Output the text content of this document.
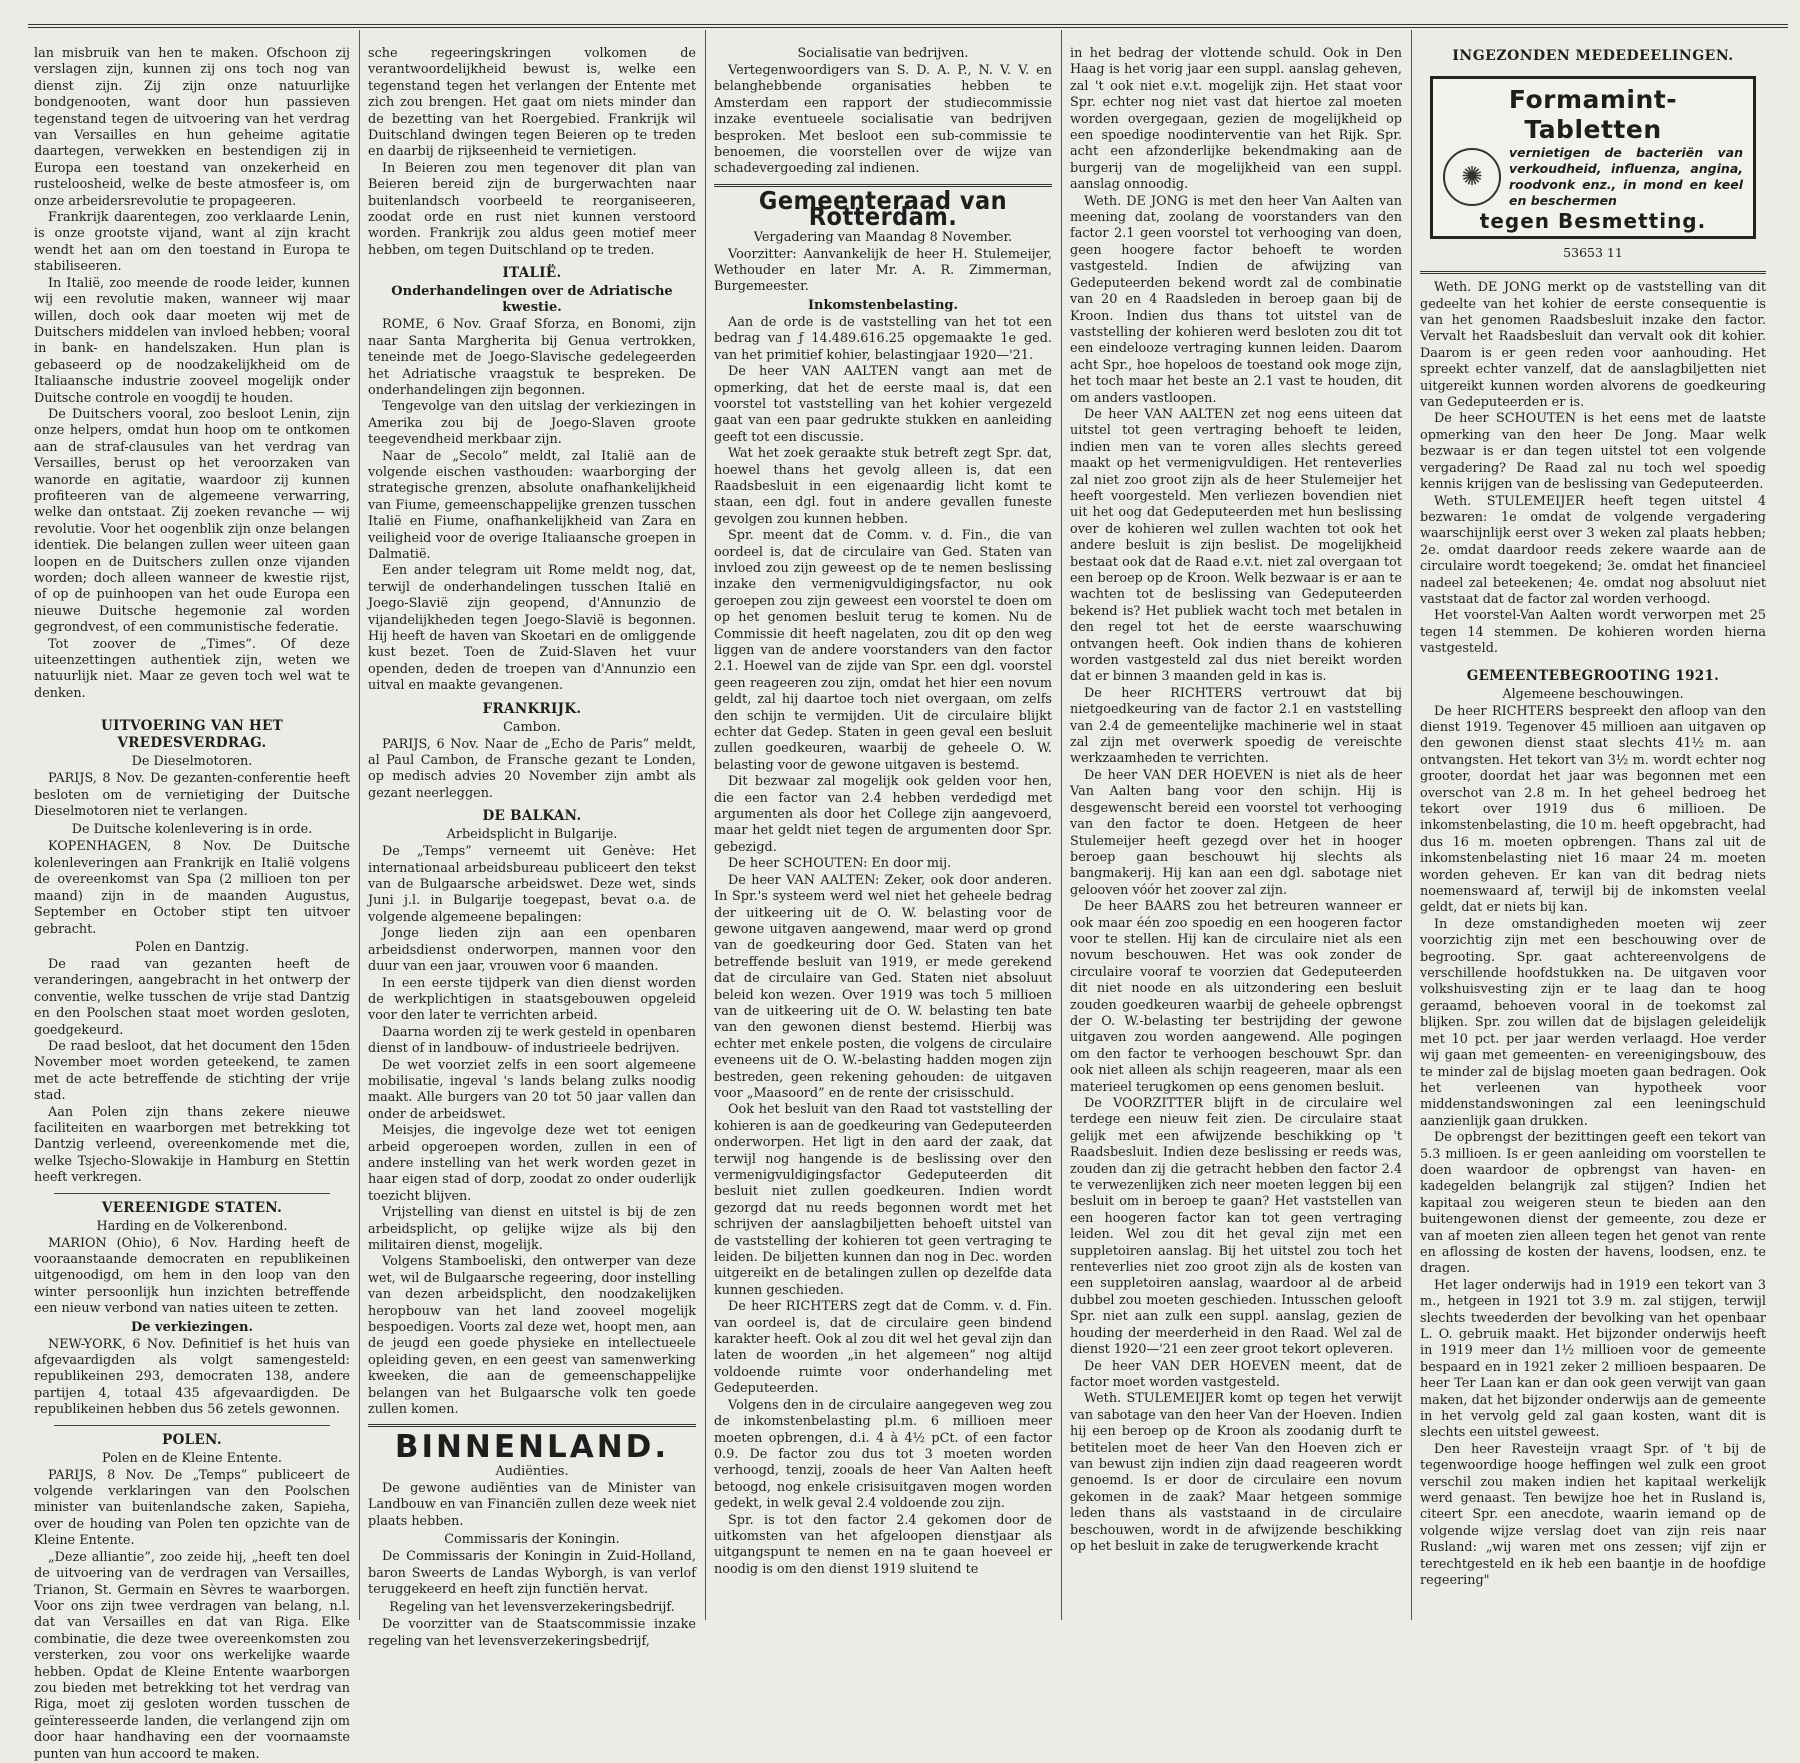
lan misbruik van hen te maken. Ofschoon zij verslagen zijn, kunnen zij ons toch nog van dienst zijn. Zij zijn onze natuurlijke bondgenooten, want door hun passieven tegenstand tegen de uitvoering van het verdrag van Versailles en hun geheime agitatie daartegen, verwekken en bestendigen zij in Europa een toestand van onzekerheid en rusteloosheid, welke de beste atmosfeer is, om onze arbeidersrevolutie te propageeren.

Frankrijk daarentegen, zoo verklaarde Lenin, is onze grootste vijand, want al zijn kracht wendt het aan om den toestand in Europa te stabiliseeren.

In Italië, zoo meende de roode leider, kunnen wij een revolutie maken, wanneer wij maar willen, doch ook daar moeten wij met de Duitschers middelen van invloed hebben; vooral in bank- en handelszaken. Hun plan is gebaseerd op de noodzakelijkheid om de Italiaansche industrie zooveel mogelijk onder Duitsche controle en voogdij te houden.

De Duitschers vooral, zoo besloot Lenin, zijn onze helpers, omdat hun hoop om te ontkomen aan de straf-clausules van het verdrag van Versailles, berust op het veroorzaken van wanorde en agitatie, waardoor zij kunnen profiteeren van de algemeene verwarring, welke dan ontstaat. Zij zoeken revanche — wij revolutie. Voor het oogenblik zijn onze belangen identiek. Die belangen zullen weer uiteen gaan loopen en de Duitschers zullen onze vijanden worden; doch alleen wanneer de kwestie rijst, of op de puinhoopen van het oude Europa een nieuwe Duitsche hegemonie zal worden gegrondvest, of een communistische federatie.

Tot zoover de „Times”. Of deze uiteenzettingen authentiek zijn, weten we natuurlijk niet. Maar ze geven toch wel wat te denken.

UITVOERING VAN HET VREDESVERDRAG.
De Dieselmotoren.

PARIJS, 8 Nov. De gezanten-conferentie heeft besloten om de vernietiging der Duitsche Dieselmotoren niet te verlangen.

De Duitsche kolenlevering is in orde.

KOPENHAGEN, 8 Nov. De Duitsche kolenleveringen aan Frankrijk en Italië volgens de overeenkomst van Spa (2 millioen ton per maand) zijn in de maanden Augustus, September en October stipt ten uitvoer gebracht.

Polen en Dantzig.

De raad van gezanten heeft de veranderingen, aangebracht in het ontwerp der conventie, welke tusschen de vrije stad Dantzig en den Poolschen staat moet worden gesloten, goedgekeurd.

De raad besloot, dat het document den 15den November moet worden geteekend, te zamen met de acte betreffende de stichting der vrije stad.

Aan Polen zijn thans zekere nieuwe faciliteiten en waarborgen met betrekking tot Dantzig verleend, overeenkomende met die, welke Tsjecho-Slowakije in Hamburg en Stettin heeft verkregen.

VEREENIGDE STATEN.
Harding en de Volkerenbond.

MARION (Ohio), 6 Nov. Harding heeft de vooraanstaande democraten en republikeinen uitgenoodigd, om hem in den loop van den winter persoonlijk hun inzichten betreffende een nieuw verbond van naties uiteen te zetten.

De verkiezingen.

NEW-YORK, 6 Nov. Definitief is het huis van afgevaardigden als volgt samengesteld: republikeinen 293, democraten 138, andere partijen 4, totaal 435 afgevaardigden. De republikeinen hebben dus 56 zetels gewonnen.

POLEN.
Polen en de Kleine Entente.

PARIJS, 8 Nov. De „Temps” publiceert de volgende verklaringen van den Poolschen minister van buitenlandsche zaken, Sapieha, over de houding van Polen ten opzichte van de Kleine Entente.

„Deze alliantie”, zoo zeide hij, „heeft ten doel de uitvoering van de verdragen van Versailles, Trianon, St. Germain en Sèvres te waarborgen. Voor ons zijn twee verdragen van belang, n.l. dat van Versailles en dat van Riga. Elke combinatie, die deze twee overeenkomsten zou versterken, zou voor ons werkelijke waarde hebben. Opdat de Kleine Entente waarborgen zou bieden met betrekking tot het verdrag van Riga, moet zij gesloten worden tusschen de geïnteresseerde landen, die verlangend zijn om door haar handhaving een der voornaamste punten van hun accoord te maken.

sche regeeringskringen volkomen de verantwoordelijkheid bewust is, welke een tegenstand tegen het verlangen der Entente met zich zou brengen. Het gaat om niets minder dan de bezetting van het Roergebied. Frankrijk wil Duitschland dwingen tegen Beieren op te treden en daarbij de rijkseenheid te vernietigen.

In Beieren zou men tegenover dit plan van Beieren bereid zijn de burgerwachten naar buitenlandsch voorbeeld te reorganiseeren, zoodat orde en rust niet kunnen verstoord worden. Frankrijk zou aldus geen motief meer hebben, om tegen Duitschland op te treden.

ITALIË.
Onderhandelingen over de Adriatische kwestie.

ROME, 6 Nov. Graaf Sforza, en Bonomi, zijn naar Santa Margherita bij Genua vertrokken, teneinde met de Joego-Slavische gedelegeerden het Adriatische vraagstuk te bespreken. De onderhandelingen zijn begonnen.

Tengevolge van den uitslag der verkiezingen in Amerika zou bij de Joego-Slaven groote teegevendheid merkbaar zijn.

Naar de „Secolo” meldt, zal Italië aan de volgende eischen vasthouden: waarborging der strategische grenzen, absolute onafhankelijkheid van Fiume, gemeenschappelijke grenzen tusschen Italië en Fiume, onafhankelijkheid van Zara en veiligheid voor de overige Italiaansche groepen in Dalmatië.

Een ander telegram uit Rome meldt nog, dat, terwijl de onderhandelingen tusschen Italië en Joego-Slavië zijn geopend, d'Annunzio de vijandelijkheden tegen Joego-Slavië is begonnen. Hij heeft de haven van Skoetari en de omliggende kust bezet. Toen de Zuid-Slaven het vuur openden, deden de troepen van d'Annunzio een uitval en maakte gevangenen.

FRANKRIJK.
Cambon.

PARIJS, 6 Nov. Naar de „Echo de Paris” meldt, al Paul Cambon, de Fransche gezant te Londen, op medisch advies 20 November zijn ambt als gezant neerleggen.

DE BALKAN.
Arbeidsplicht in Bulgarije.

De „Temps” verneemt uit Genève: Het internationaal arbeidsbureau publiceert den tekst van de Bulgaarsche arbeidswet. Deze wet, sinds Juni j.l. in Bulgarije toegepast, bevat o.a. de volgende algemeene bepalingen:

Jonge lieden zijn aan een openbaren arbeidsdienst onderworpen, mannen voor den duur van een jaar, vrouwen voor 6 maanden.

In een eerste tijdperk van dien dienst worden de werkplichtigen in staatsgebouwen opgeleid voor den later te verrichten arbeid.

Daarna worden zij te werk gesteld in openbaren dienst of in landbouw- of industrieele bedrijven.

De wet voorziet zelfs in een soort algemeene mobilisatie, ingeval 's lands belang zulks noodig maakt. Alle burgers van 20 tot 50 jaar vallen dan onder de arbeidswet.

Meisjes, die ingevolge deze wet tot eenigen arbeid opgeroepen worden, zullen in een of andere instelling van het werk worden gezet in haar eigen stad of dorp, zoodat zo onder ouderlijk toezicht blijven.

Vrijstelling van dienst en uitstel is bij de zen arbeidsplicht, op gelijke wijze als bij den militairen dienst, mogelijk.

Volgens Stamboeliski, den ontwerper van deze wet, wil de Bulgaarsche regeering, door instelling van dezen arbeidsplicht, den noodzakelijken heropbouw van het land zooveel mogelijk bespoedigen. Voorts zal deze wet, hoopt men, aan de jeugd een goede physieke en intellectueele opleiding geven, en een geest van samenwerking kweeken, die aan de gemeenschappelijke belangen van het Bulgaarsche volk ten goede zullen komen.

BINNENLAND.
Audiënties.

De gewone audiënties van de Minister van Landbouw en van Financiën zullen deze week niet plaats hebben.

Commissaris der Koningin.

De Commissaris der Koningin in Zuid-Holland, baron Sweerts de Landas Wyborgh, is van verlof teruggekeerd en heeft zijn functiën hervat.

Regeling van het levensverzekeringsbedrijf.

De voorzitter van de Staatscommissie inzake regeling van het levensverzekeringsbedrijf,

Socialisatie van bedrijven.

Vertegenwoordigers van S. D. A. P., N. V. V. en belanghebbende organisaties hebben te Amsterdam een rapport der studiecommissie inzake eventueele socialisatie van bedrijven besproken. Met besloot een sub-commissie te benoemen, die voorstellen over de wijze van schadevergoeding zal indienen.

Gemeenteraad van Rotterdam.
Vergadering van Maandag 8 November.

Voorzitter: Aanvankelijk de heer H. Stulemeijer, Wethouder en later Mr. A. R. Zimmerman, Burgemeester.

Inkomstenbelasting.

Aan de orde is de vaststelling van het tot een bedrag van ƒ 14.489.616.25 opgemaakte 1e ged. van het primitief kohier, belastingjaar 1920—'21.

De heer VAN AALTEN vangt aan met de opmerking, dat het de eerste maal is, dat een voorstel tot vaststelling van het kohier vergezeld gaat van een paar gedrukte stukken en aanleiding geeft tot een discussie.

Wat het zoek geraakte stuk betreft zegt Spr. dat, hoewel thans het gevolg alleen is, dat een Raadsbesluit in een eigenaardig licht komt te staan, een dgl. fout in andere gevallen funeste gevolgen zou kunnen hebben.

Spr. meent dat de Comm. v. d. Fin., die van oordeel is, dat de circulaire van Ged. Staten van invloed zou zijn geweest op de te nemen beslissing inzake den vermenigvuldigingsfactor, nu ook geroepen zou zijn geweest een voorstel te doen om op het genomen besluit terug te komen. Nu de Commissie dit heeft nagelaten, zou dit op den weg liggen van de andere voorstanders van den factor 2.1. Hoewel van de zijde van Spr. een dgl. voorstel geen reageeren zou zijn, omdat het hier een novum geldt, zal hij daartoe toch niet overgaan, om zelfs den schijn te vermijden. Uit de circulaire blijkt echter dat Gedep. Staten in geen geval een besluit zullen goedkeuren, waarbij de geheele O. W. belasting voor de gewone uitgaven is bestemd.

Dit bezwaar zal mogelijk ook gelden voor hen, die een factor van 2.4 hebben verdedigd met argumenten als door het College zijn aangevoerd, maar het geldt niet tegen de argumenten door Spr. gebezigd.

De heer SCHOUTEN: En door mij.

De heer VAN AALTEN: Zeker, ook door anderen. In Spr.'s systeem werd wel niet het geheele bedrag der uitkeering uit de O. W. belasting voor de gewone uitgaven aangewend, maar werd op grond van de goedkeuring door Ged. Staten van het betreffende besluit van 1919, er mede gerekend dat de circulaire van Ged. Staten niet absoluut beleid kon wezen. Over 1919 was toch 5 millioen van de uitkeering uit de O. W. belasting ten bate van den gewonen dienst bestemd. Hierbij was echter met enkele posten, die volgens de circulaire eveneens uit de O. W.-belasting hadden mogen zijn bestreden, geen rekening gehouden: de uitgaven voor „Maasoord” en de rente der crisisschuld.

Ook het besluit van den Raad tot vaststelling der kohieren is aan de goedkeuring van Gedeputeerden onderworpen. Het ligt in den aard der zaak, dat terwijl nog hangende is de beslissing over den vermenigvuldigingsfactor Gedeputeerden dit besluit niet zullen goedkeuren. Indien wordt gezorgd dat nu reeds begonnen wordt met het schrijven der aanslagbiljetten behoeft uitstel van de vaststelling der kohieren tot geen vertraging te leiden. De biljetten kunnen dan nog in Dec. worden uitgereikt en de betalingen zullen op dezelfde data kunnen geschieden.

De heer RICHTERS zegt dat de Comm. v. d. Fin. van oordeel is, dat de circulaire geen bindend karakter heeft. Ook al zou dit wel het geval zijn dan laten de woorden „in het algemeen” nog altijd voldoende ruimte voor onderhandeling met Gedeputeerden.

Volgens den in de circulaire aangegeven weg zou de inkomstenbelasting pl.m. 6 millioen meer moeten opbrengen, d.i. 4 à 4½ pCt. of een factor 0.9. De factor zou dus tot 3 moeten worden verhoogd, tenzij, zooals de heer Van Aalten heeft betoogd, nog enkele crisisuitgaven mogen worden gedekt, in welk geval 2.4 voldoende zou zijn.

Spr. is tot den factor 2.4 gekomen door de uitkomsten van het afgeloopen dienstjaar als uitgangspunt te nemen en na te gaan hoeveel er noodig is om den dienst 1919 sluitend te

in het bedrag der vlottende schuld. Ook in Den Haag is het vorig jaar een suppl. aanslag geheven, zal 't ook niet e.v.t. mogelijk zijn. Het staat voor Spr. echter nog niet vast dat hiertoe zal moeten worden overgegaan, gezien de mogelijkheid op een spoedige noodinterventie van het Rijk. Spr. acht een afzonderlijke bekendmaking aan de burgerij van de mogelijkheid van een suppl. aanslag onnoodig.

Weth. DE JONG is met den heer Van Aalten van meening dat, zoolang de voorstanders van den factor 2.1 geen voorstel tot verhooging van doen, geen hoogere factor behoeft te worden vastgesteld. Indien de afwijzing van Gedeputeerden bekend wordt zal de combinatie van 20 en 4 Raadsleden in beroep gaan bij de Kroon. Indien dus thans tot uitstel van de vaststelling der kohieren werd besloten zou dit tot een eindelooze vertraging kunnen leiden. Daarom acht Spr., hoe hopeloos de toestand ook moge zijn, het toch maar het beste an 2.1 vast te houden, dit om anders vastloopen.

De heer VAN AALTEN zet nog eens uiteen dat uitstel tot geen vertraging behoeft te leiden, indien men van te voren alles slechts gereed maakt op het vermenigvuldigen. Het renteverlies zal niet zoo groot zijn als de heer Stulemeijer het heeft voorgesteld. Men verliezen bovendien niet uit het oog dat Gedeputeerden met hun beslissing over de kohieren wel zullen wachten tot ook het andere besluit is zijn beslist. De mogelijkheid bestaat ook dat de Raad e.v.t. niet zal overgaan tot een beroep op de Kroon. Welk bezwaar is er aan te wachten tot de beslissing van Gedeputeerden bekend is? Het publiek wacht toch met betalen in den regel tot het de eerste waarschuwing ontvangen heeft. Ook indien thans de kohieren worden vastgesteld zal dus niet bereikt worden dat er binnen 3 maanden geld in kas is.

De heer RICHTERS vertrouwt dat bij nietgoedkeuring van de factor 2.1 en vaststelling van 2.4 de gemeentelijke machinerie wel in staat zal zijn met overwerk spoedig de vereischte werkzaamheden te verrichten.

De heer VAN DER HOEVEN is niet als de heer Van Aalten bang voor den schijn. Hij is desgewenscht bereid een voorstel tot verhooging van den factor te doen. Hetgeen de heer Stulemeijer heeft gezegd over het in hooger beroep gaan beschouwt hij slechts als bangmakerij. Hij kan aan een dgl. sabotage niet gelooven vóór het zoover zal zijn.

De heer BAARS zou het betreuren wanneer er ook maar één zoo spoedig en een hoogeren factor voor te stellen. Hij kan de circulaire niet als een novum beschouwen. Het was ook zonder de circulaire vooraf te voorzien dat Gedeputeerden dit niet noode en als uitzondering een besluit zouden goedkeuren waarbij de geheele opbrengst der O. W.-belasting ter bestrijding der gewone uitgaven zou worden aangewend. Alle pogingen om den factor te verhoogen beschouwt Spr. dan ook niet alleen als schijn reageeren, maar als een materieel terugkomen op eens genomen besluit.

De VOORZITTER blijft in de circulaire wel terdege een nieuw feit zien. De circulaire staat gelijk met een afwijzende beschikking op 't Raadsbesluit. Indien deze beslissing er reeds was, zouden dan zij die getracht hebben den factor 2.4 te verwezenlijken zich neer moeten leggen bij een besluit om in beroep te gaan? Het vaststellen van een hoogeren factor kan tot geen vertraging leiden. Wel zou dit het geval zijn met een suppletoiren aanslag. Bij het uitstel zou toch het renteverlies niet zoo groot zijn als de kosten van een suppletoiren aanslag, waardoor al de arbeid dubbel zou moeten geschieden. Intusschen gelooft Spr. niet aan zulk een suppl. aanslag, gezien de houding der meerderheid in den Raad. Wel zal de dienst 1920—'21 een zeer groot tekort opleveren.

De heer VAN DER HOEVEN meent, dat de factor moet worden vastgesteld.

Weth. STULEMEIJER komt op tegen het verwijt van sabotage van den heer Van der Hoeven. Indien hij een beroep op de Kroon als zoodanig durft te betitelen moet de heer Van den Hoeven zich er van bewust zijn indien zijn daad reageeren wordt genoemd. Is er door de circulaire een novum gekomen in de zaak? Maar hetgeen sommige leden thans als vaststaand in de circulaire beschouwen, wordt in de afwijzende beschikking op het besluit in zake de terugwerkende kracht

INGEZONDEN MEDEDEELINGEN.
Formamint-Tabletten
✺
vernietigen de bacteriën van verkoudheid, influenza, angina, roodvonk enz., in mond en keel en beschermen
tegen Besmetting.
53653 11

Weth. DE JONG merkt op de vaststelling van dit gedeelte van het kohier de eerste consequentie is van het genomen Raadsbesluit inzake den factor. Vervalt het Raadsbesluit dan vervalt ook dit kohier. Daarom is er geen reden voor aanhouding. Het spreekt echter vanzelf, dat de aanslagbiljetten niet uitgereikt kunnen worden alvorens de goedkeuring van Gedeputeerden er is.

De heer SCHOUTEN is het eens met de laatste opmerking van den heer De Jong. Maar welk bezwaar is er dan tegen uitstel tot een volgende vergadering? De Raad zal nu toch wel spoedig kennis krijgen van de beslissing van Gedeputeerden.

Weth. STULEMEIJER heeft tegen uitstel 4 bezwaren: 1e omdat de volgende vergadering waarschijnlijk eerst over 3 weken zal plaats hebben; 2e. omdat daardoor reeds zekere waarde aan de circulaire wordt toegekend; 3e. omdat het financieel nadeel zal beteekenen; 4e. omdat nog absoluut niet vaststaat dat de factor zal worden verhoogd.

Het voorstel-Van Aalten wordt verworpen met 25 tegen 14 stemmen. De kohieren worden hierna vastgesteld.

GEMEENTEBEGROOTING 1921.
Algemeene beschouwingen.

De heer RICHTERS bespreekt den afloop van den dienst 1919. Tegenover 45 millioen aan uitgaven op den gewonen dienst staat slechts 41½ m. aan ontvangsten. Het tekort van 3½ m. wordt echter nog grooter, doordat het jaar was begonnen met een overschot van 2.8 m. In het geheel bedroeg het tekort over 1919 dus 6 millioen. De inkomstenbelasting, die 10 m. heeft opgebracht, had dus 16 m. moeten opbrengen. Thans zal uit de inkomstenbelasting niet 16 maar 24 m. moeten worden geheven. Er kan van dit bedrag niets noemenswaard af, terwijl bij de inkomsten veelal geldt, dat er niets bij kan.

In deze omstandigheden moeten wij zeer voorzichtig zijn met een beschouwing over de begrooting. Spr. gaat achtereenvolgens de verschillende hoofdstukken na. De uitgaven voor volkshuisvesting zijn er te laag dan te hoog geraamd, behoeven vooral in de toekomst zal blijken. Spr. zou willen dat de bijslagen geleidelijk met 10 pct. per jaar werden verlaagd. Hoe verder wij gaan met gemeenten- en vereenigingsbouw, des te minder zal de bijslag moeten gaan bedragen. Ook het verleenen van hypotheek voor middenstandswoningen zal een leeningschuld aanzienlijk gaan drukken.

De opbrengst der bezittingen geeft een tekort van 5.3 millioen. Is er geen aanleiding om voorstellen te doen waardoor de opbrengst van haven- en kadegelden belangrijk zal stijgen? Indien het kapitaal zou weigeren steun te bieden aan den buitengewonen dienst der gemeente, zou deze er van af moeten zien alleen tegen het genot van rente en aflossing de kosten der havens, loodsen, enz. te dragen.

Het lager onderwijs had in 1919 een tekort van 3 m., hetgeen in 1921 tot 3.9 m. zal stijgen, terwijl slechts tweederden der bevolking van het openbaar L. O. gebruik maakt. Het bijzonder onderwijs heeft in 1919 meer dan 1½ millioen voor de gemeente bespaard en in 1921 zeker 2 millioen bespaaren. De heer Ter Laan kan er dan ook geen verwijt van gaan maken, dat het bijzonder onderwijs aan de gemeente in het vervolg geld zal gaan kosten, want dit is slechts een uitstel geweest.

Den heer Ravesteijn vraagt Spr. of 't bij de tegenwoordige hooge heffingen wel zulk een groot verschil zou maken indien het kapitaal werkelijk werd genaast. Ten bewijze hoe het in Rusland is, citeert Spr. een anecdote, waarin iemand op de volgende wijze verslag doet van zijn reis naar Rusland: „wij waren met ons zessen; vijf zijn er terechtgesteld en ik heb een baantje in de hoofdige regeering"
